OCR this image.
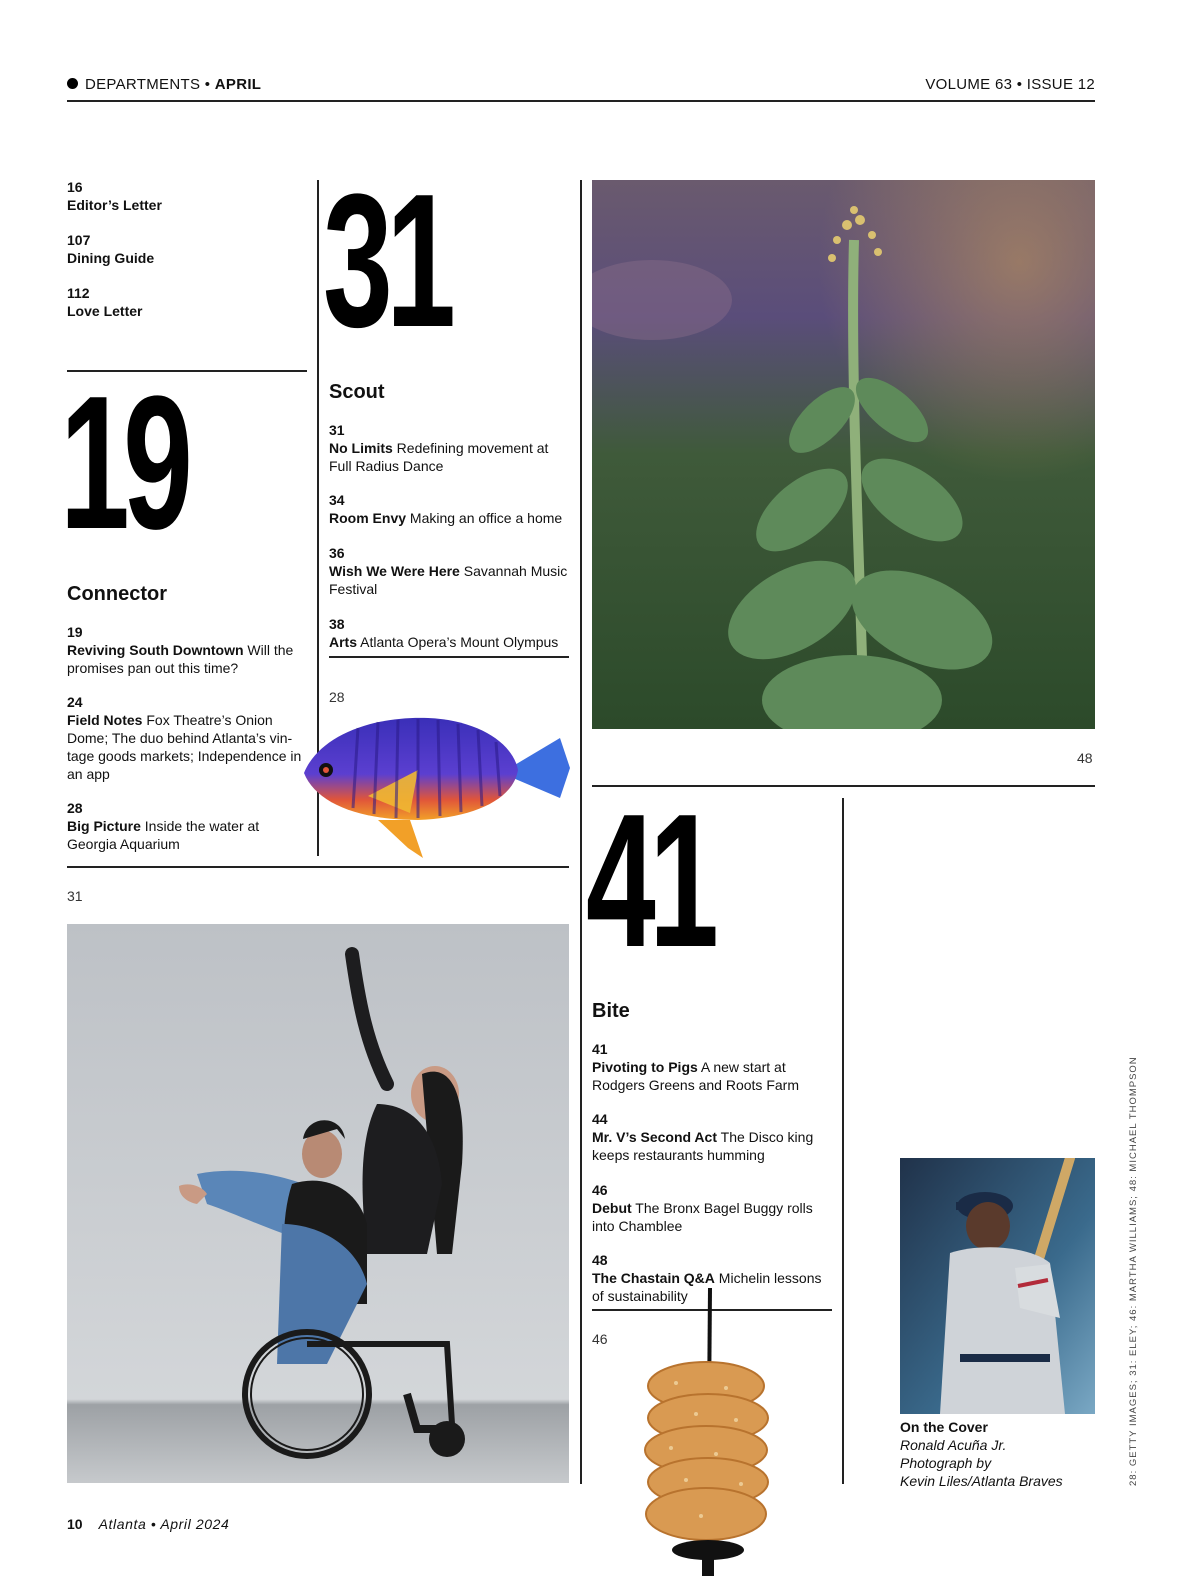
DEPARTMENTS • APRIL	VOLUME 63 • ISSUE 12
16
Editor’s Letter
107
Dining Guide
112
Love Letter
19
Connector
19
Reviving South Downtown Will the promises pan out this time?
24
Field Notes Fox Theatre’s Onion Dome; The duo behind Atlanta’s vin-tage goods markets; Independence in an app
28
Big Picture Inside the water at Georgia Aquarium
31
Scout
31
No Limits Redefining movement at Full Radius Dance
34
Room Envy Making an office a home
36
Wish We Were Here Savannah Music Festival
38
Arts Atlanta Opera’s Mount Olympus
28
48
41
Bite
41
Pivoting to Pigs A new start at Rodgers Greens and Roots Farm
44
Mr. V’s Second Act The Disco king keeps restaurants humming
46
Debut The Bronx Bagel Buggy rolls into Chamblee
48
The Chastain Q&A Michelin lessons of sustainability
46
31
On the Cover
Ronald Acuña Jr.
Photograph by
Kevin Liles/Atlanta Braves	28: GETTY IMAGES; 31: ELEY; 46: MARTHA WILLIAMS; 48: MICHAEL THOMPSON
10 Atlanta • April 2024
